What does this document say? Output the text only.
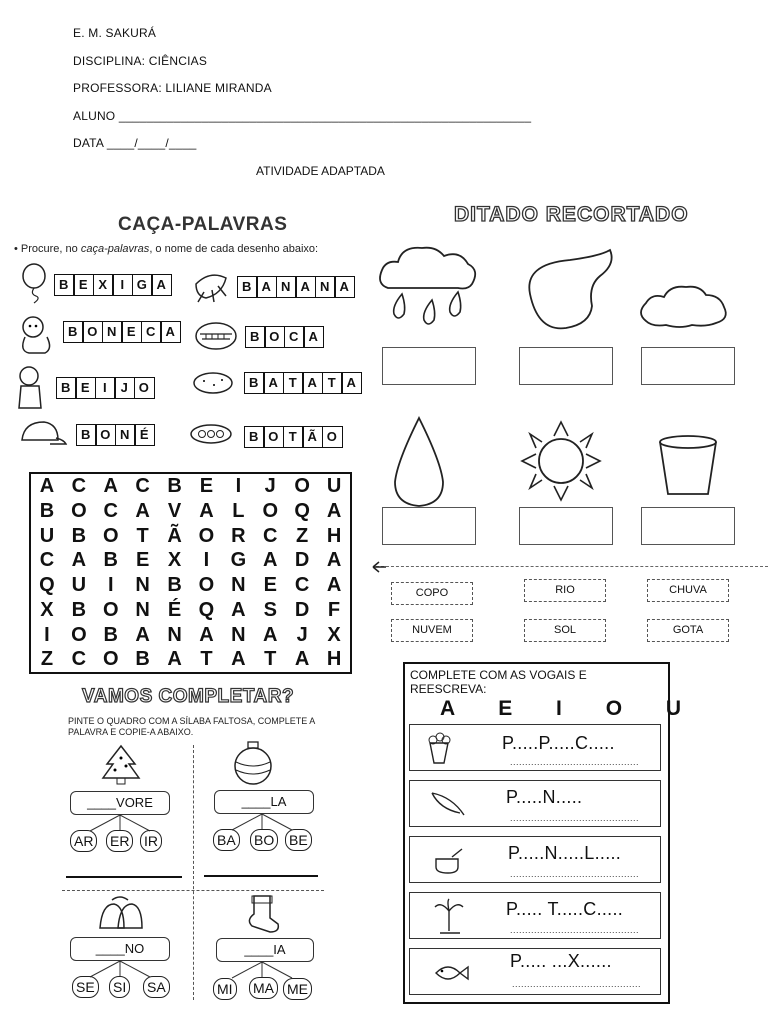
E. M. SAKURÁ
DISCIPLINA: CIÊNCIAS
PROFESSORA: LILIANE MIRANDA
ALUNO ____________________________________________________________
DATA ____/____/____
ATIVIDADE ADAPTADA
CAÇA-PALAVRAS
• Procure, no caça-palavras, o nome de cada desenho abaixo:
B E X I G A	B A N A N A
B O N E C A	B O C A
B E I	J O	B A T A T A
B O N É	B O T Ã O
A C A C B E	I	J O U
B O C A V A L O Q A
U B O T Ã O R C Z H
C A B E X	I	G A D A
Q U	I	N B O N E C A
X B O N É Q A S D F
I	O B A N A N A J X
Z C O B A T A T A H
DITADO RECORTADO
COPO	RIO	CHUVA
NUVEM	SOL	GOTA
VAMOS COMPLETAR?
PINTE O QUADRO COM A SÍLABA FALTOSA, COMPLETE A
PALAVRA E COPIE-A ABAIXO.
____VORE
AR ER IR
____LA
BA BO BE
____NO
SE SI SA
____IA
MI MA ME
COMPLETE COM AS VOGAIS E REESCREVA:
A E I O U
P.....P.....C.....
...........................................
P.....N.....
...........................................
P.....N.....L.....
...........................................
P..... T.....C.....
...........................................
P..... ...X......
...........................................
